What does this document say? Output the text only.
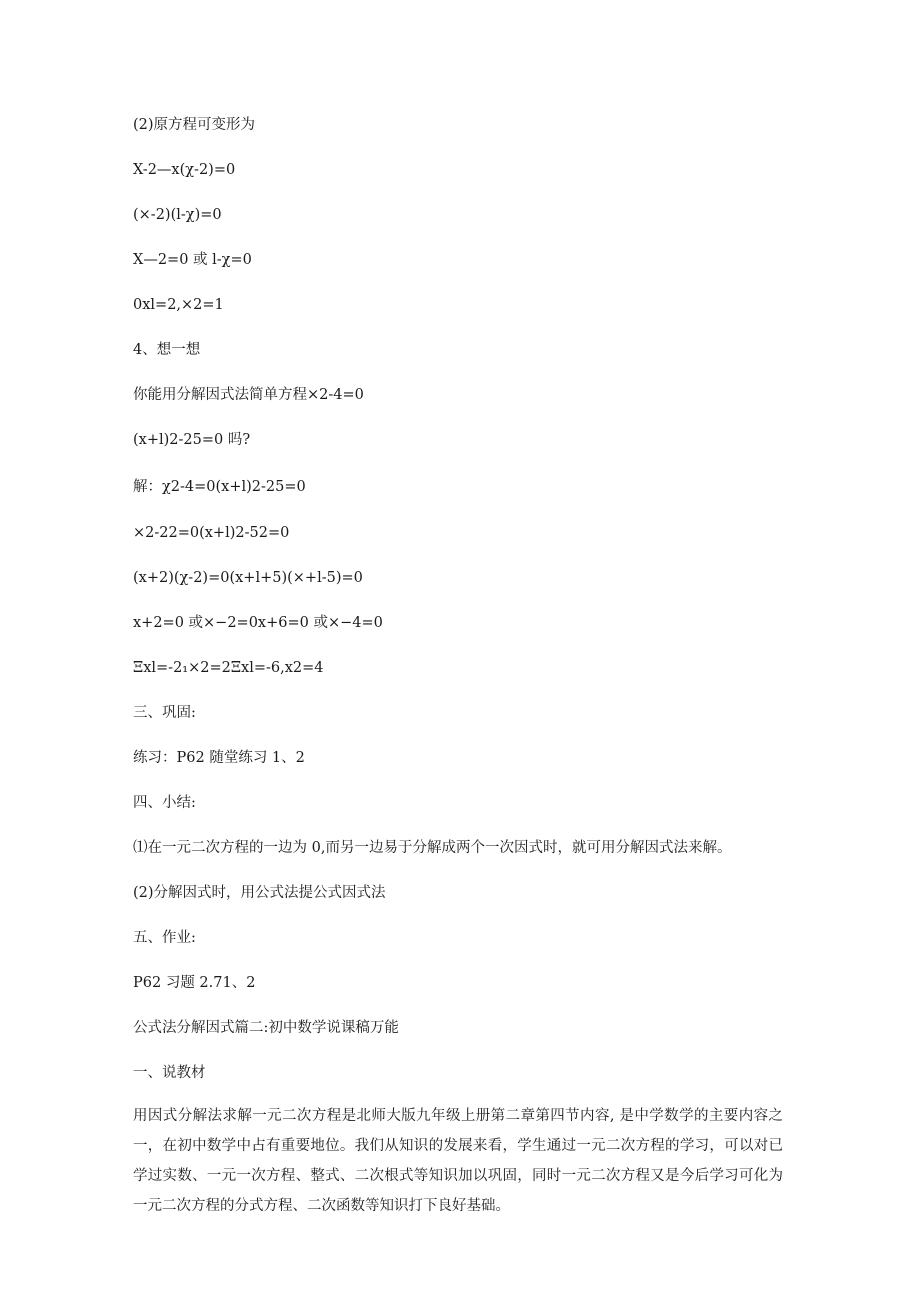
(2)原方程可变形为
X-2—x(χ-2)=0
(×-2)(l-χ)=0
X—2=0 或 l-χ=0
0xl=2,×2=1
4、想一想
你能用分解因式法简单方程×2-4=0
(x+l)2-25=0 吗?
解：χ2-4=0(x+l)2-25=0
×2-22=0(x+l)2-52=0
(x+2)(χ-2)=0(x+l+5)(×+l-5)=0
x+2=0 或×−2=0x+6=0 或×−4=0
Ξxl=-2₁×2=2Ξxl=-6,x2=4
三、巩固:
练习：P62 随堂练习 1、2
四、小结:
⑴在一元二次方程的一边为 0,而另一边易于分解成两个一次因式时，就可用分解因式法来解。
(2)分解因式时，用公式法提公式因式法
五、作业:
P62 习题 2.71、2
公式法分解因式篇二:初中数学说课稿万能
一、说教材
用因式分解法求解一元二次方程是北师大版九年级上册第二章第四节内容, 是中学数学的主要内容之一，在初中数学中占有重要地位。我们从知识的发展来看，学生通过一元二次方程的学习，可以对已学过实数、一元一次方程、整式、二次根式等知识加以巩固，同时一元二次方程又是今后学习可化为一元二次方程的分式方程、二次函数等知识打下良好基础。
